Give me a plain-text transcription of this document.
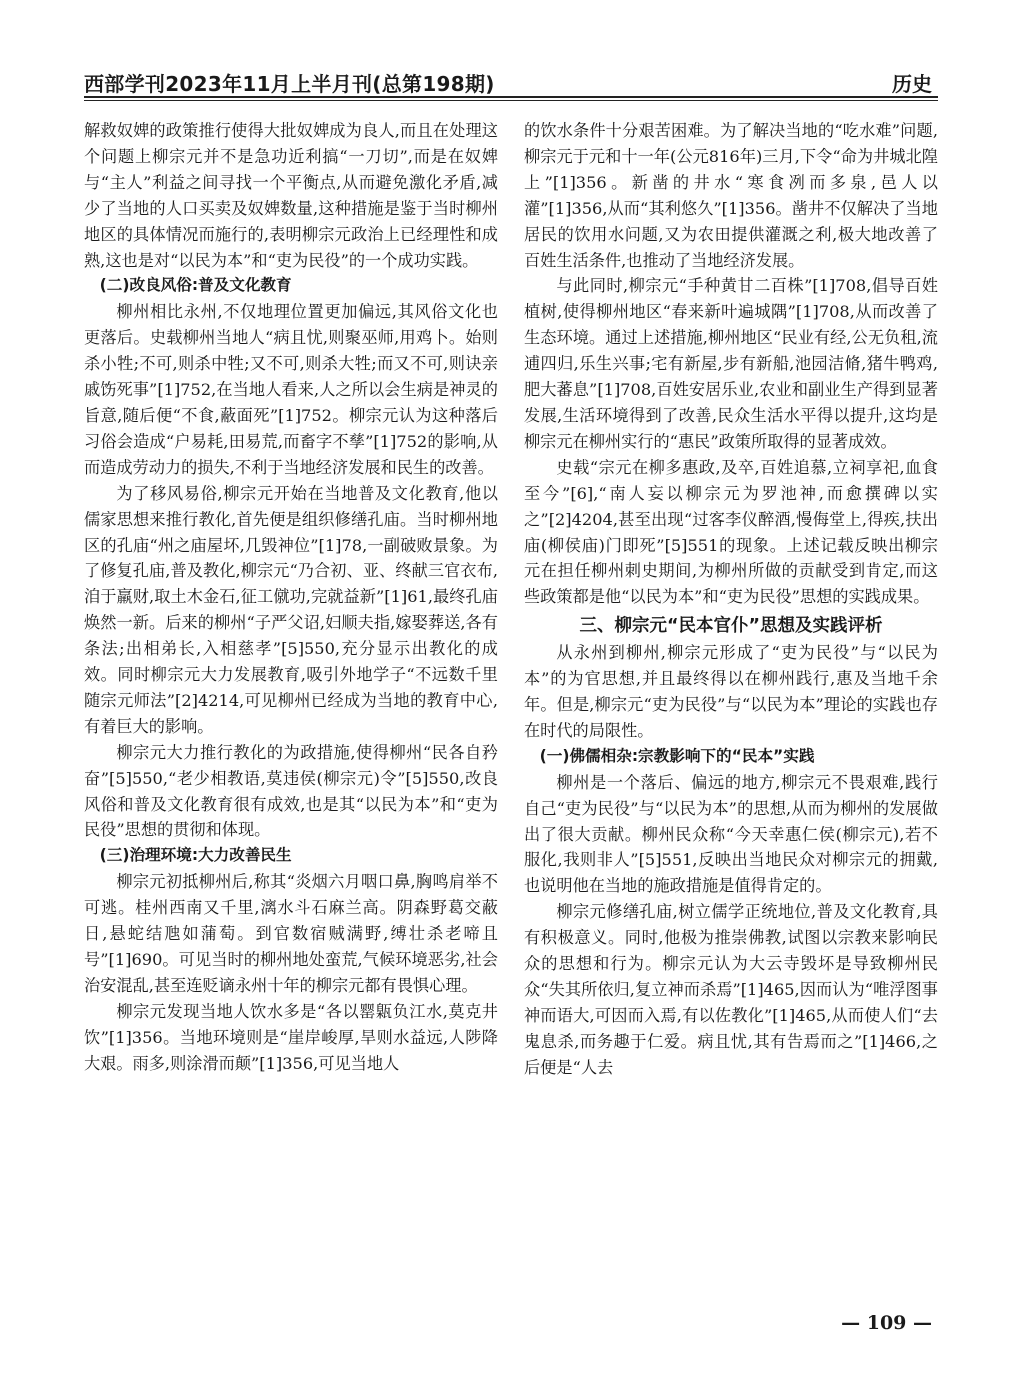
西部学刊2023年11月上半月刊(总第198期)	历史

解救奴婢的政策推行使得大批奴婢成为良人,而且在处理这个问题上柳宗元并不是急功近利搞“一刀切”,而是在奴婢与“主人”利益之间寻找一个平衡点,从而避免激化矛盾,减少了当地的人口买卖及奴婢数量,这种措施是鉴于当时柳州地区的具体情况而施行的,表明柳宗元政治上已经理性和成熟,这也是对“以民为本”和“吏为民役”的一个成功实践。

(二)改良风俗:普及文化教育

柳州相比永州,不仅地理位置更加偏远,其风俗文化也更落后。史载柳州当地人“病且忧,则聚巫师,用鸡卜。始则杀小牲;不可,则杀中牲;又不可,则杀大牲;而又不可,则诀亲戚饬死事”[1]752,在当地人看来,人之所以会生病是神灵的旨意,随后便“不食,蔽面死”[1]752。柳宗元认为这种落后习俗会造成“户易耗,田易荒,而畜字不孳”[1]752的影响,从而造成劳动力的损失,不利于当地经济发展和民生的改善。

为了移风易俗,柳宗元开始在当地普及文化教育,他以儒家思想来推行教化,首先便是组织修缮孔庙。当时柳州地区的孔庙“州之庙屋坏,几毁神位”[1]78,一副破败景象。为了修复孔庙,普及教化,柳宗元“乃合初、亚、终献三官衣布,洎于羸财,取土木金石,征工僦功,完就益新”[1]61,最终孔庙焕然一新。后来的柳州“子严父诏,妇顺夫指,嫁娶葬送,各有条法;出相弟长,入相慈孝”[5]550,充分显示出教化的成效。同时柳宗元大力发展教育,吸引外地学子“不远数千里随宗元师法”[2]4214,可见柳州已经成为当地的教育中心,有着巨大的影响。

柳宗元大力推行教化的为政措施,使得柳州“民各自矜奋”[5]550,“老少相教语,莫违侯(柳宗元)令”[5]550,改良风俗和普及文化教育很有成效,也是其“以民为本”和“吏为民役”思想的贯彻和体现。

(三)治理环境:大力改善民生

柳宗元初抵柳州后,称其“炎烟六月咽口鼻,胸鸣肩举不可逃。桂州西南又千里,漓水斗石麻兰高。阴森野葛交蔽日,悬蛇结虺如蒲萄。到官数宿贼满野,缚壮杀老啼且号”[1]690。可见当时的柳州地处蛮荒,气候环境恶劣,社会治安混乱,甚至连贬谪永州十年的柳宗元都有畏惧心理。

柳宗元发现当地人饮水多是“各以罂甈负江水,莫克井饮”[1]356。当地环境则是“崖岸峻厚,旱则水益远,人陟降大艰。雨多,则涂滑而颠”[1]356,可见当地人

的饮水条件十分艰苦困难。为了解决当地的“吃水难”问题,柳宗元于元和十一年(公元816年)三月,下令“命为井城北隍上”[1]356。新凿的井水“寒食冽而多泉,邑人以灌”[1]356,从而“其利悠久”[1]356。凿井不仅解决了当地居民的饮用水问题,又为农田提供灌溉之利,极大地改善了百姓生活条件,也推动了当地经济发展。

与此同时,柳宗元“手种黄甘二百株”[1]708,倡导百姓植树,使得柳州地区“春来新叶遍城隅”[1]708,从而改善了生态环境。通过上述措施,柳州地区“民业有经,公无负租,流逋四归,乐生兴事;宅有新屋,步有新船,池园洁脩,猪牛鸭鸡,肥大蕃息”[1]708,百姓安居乐业,农业和副业生产得到显著发展,生活环境得到了改善,民众生活水平得以提升,这均是柳宗元在柳州实行的“惠民”政策所取得的显著成效。

史载“宗元在柳多惠政,及卒,百姓追慕,立祠享祀,血食至今”[6],“南人妄以柳宗元为罗池神,而愈撰碑以实之”[2]4204,甚至出现“过客李仪醉酒,慢侮堂上,得疾,扶出庙(柳侯庙)门即死”[5]551的现象。上述记载反映出柳宗元在担任柳州刺史期间,为柳州所做的贡献受到肯定,而这些政策都是他“以民为本”和“吏为民役”思想的实践成果。

三、柳宗元“民本官仆”思想及实践评析

从永州到柳州,柳宗元形成了“吏为民役”与“以民为本”的为官思想,并且最终得以在柳州践行,惠及当地千余年。但是,柳宗元“吏为民役”与“以民为本”理论的实践也存在时代的局限性。

(一)佛儒相杂:宗教影响下的“民本”实践

柳州是一个落后、偏远的地方,柳宗元不畏艰难,践行自己“吏为民役”与“以民为本”的思想,从而为柳州的发展做出了很大贡献。柳州民众称“今天幸惠仁侯(柳宗元),若不服化,我则非人”[5]551,反映出当地民众对柳宗元的拥戴,也说明他在当地的施政措施是值得肯定的。

柳宗元修缮孔庙,树立儒学正统地位,普及文化教育,具有积极意义。同时,他极为推崇佛教,试图以宗教来影响民众的思想和行为。柳宗元认为大云寺毁坏是导致柳州民众“失其所依归,复立神而杀焉”[1]465,因而认为“唯浮图事神而语大,可因而入焉,有以佐教化”[1]465,从而使人们“去鬼息杀,而务趣于仁爱。病且忧,其有告焉而之”[1]466,之后便是“人去

— 109 —
